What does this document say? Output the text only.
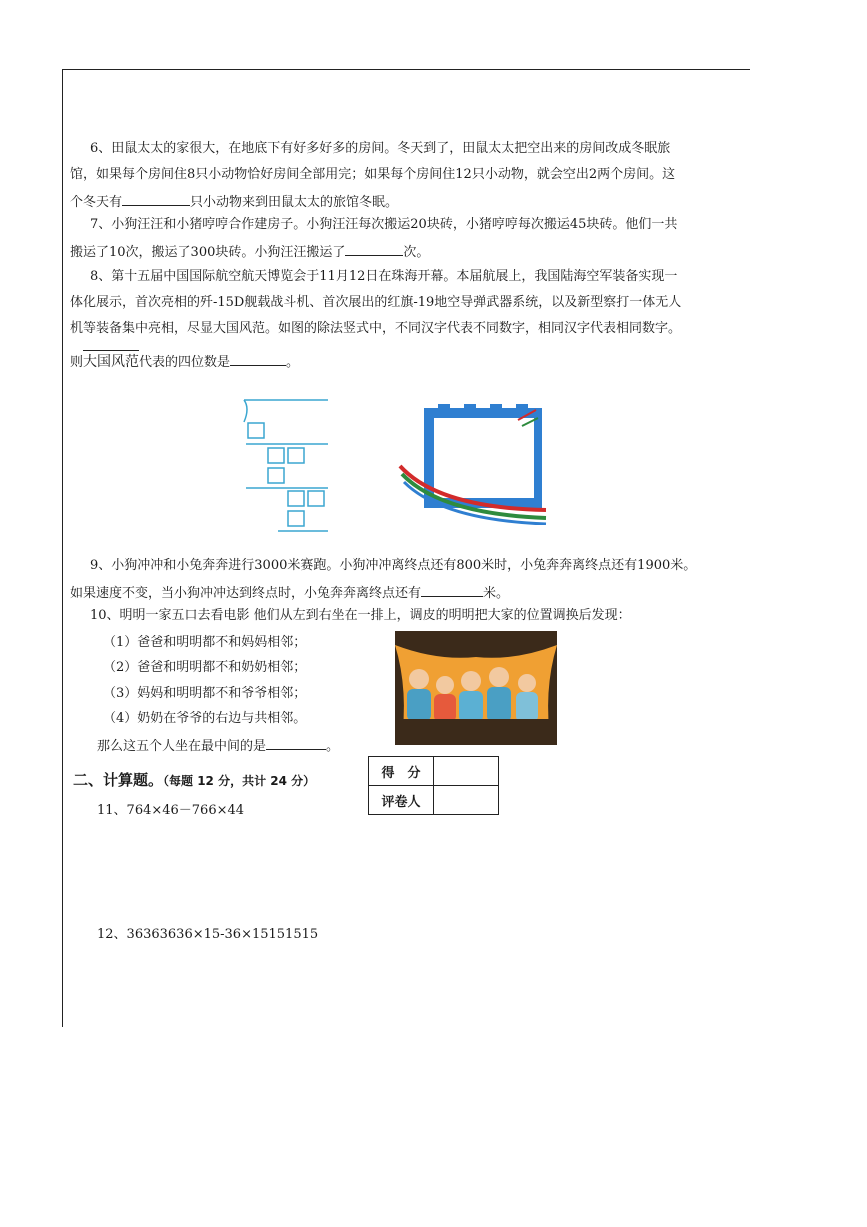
6、田鼠太太的家很大，在地底下有好多好多的房间。冬天到了，田鼠太太把空出来的房间改成冬眠旅
馆，如果每个房间住8只小动物恰好房间全部用完；如果每个房间住12只小动物，就会空出2两个房间。这
个冬天有	只小动物来到田鼠太太的旅馆冬眠。
7、小狗汪汪和小猪哼哼合作建房子。小狗汪汪每次搬运20块砖，小猪哼哼每次搬运45块砖。他们一共
搬运了10次，搬运了300块砖。小狗汪汪搬运了	次。
8、第十五届中国国际航空航天博览会于11月12日在珠海开幕。本届航展上，我国陆海空军装备实现一
体化展示，首次亮相的歼-15D舰载战斗机、首次展出的红旗-19地空导弹武器系统，以及新型察打一体无人
机等装备集中亮相，尽显大国风范。如图的除法竖式中，不同汉字代表不同数字，相同汉字代表相同数字。
则大国风范代表的四位数是	。
9、小狗冲冲和小兔奔奔进行3000米赛跑。小狗冲冲离终点还有800米时，小兔奔奔离终点还有1900米。
如果速度不变，当小狗冲冲达到终点时，小兔奔奔离终点还有	米。
10、明明一家五口去看电影 他们从左到右坐在一排上，调皮的明明把大家的位置调换后发现：
（1）爸爸和明明都不和妈妈相邻；
（2）爸爸和明明都不和奶奶相邻；
（3）妈妈和明明都不和爷爷相邻；
（4）奶奶在爷爷的右边与共相邻。
那么这五个人坐在最中间的是	。
二、计算题。（每题 12 分，共计 24 分）
得　分	
评卷人	
11、764×46－766×44
12、36363636×15-36×15151515
